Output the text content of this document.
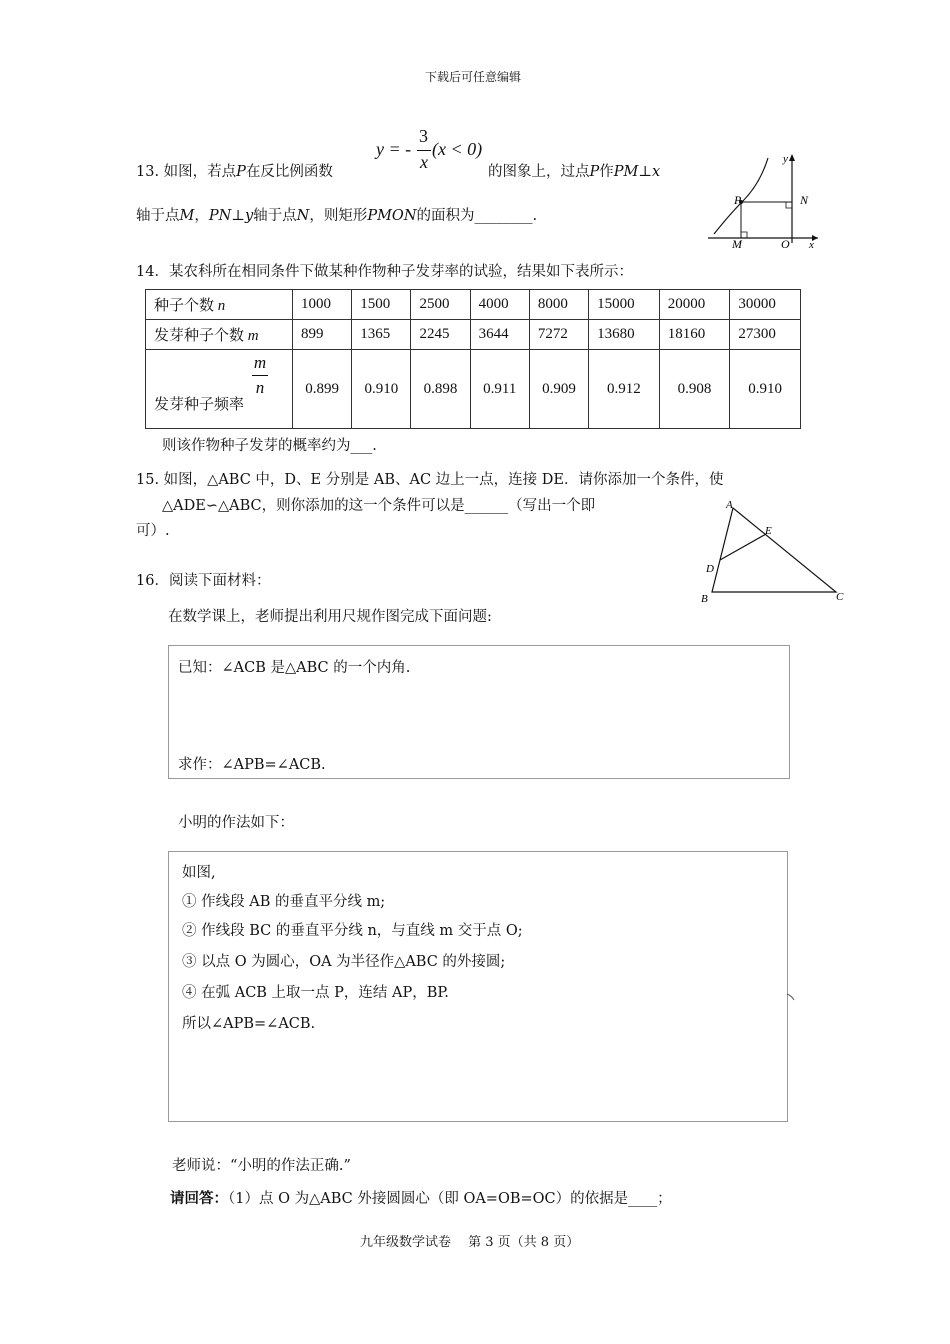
下载后可任意编辑
13. 如图，若点P在反比例函数
y = -
3
x
(x < 0)
的图象上，过点P作PM⊥x
轴于点M，PN⊥y轴于点N，则矩形PMON的面积为________.
y
x
P	N
M	O
14．某农科所在相同条件下做某种作物种子发芽率的试验，结果如下表所示：
种子个数 n	1000	1500	2500	4000	8000	15000	20000	30000
发芽种子个数 m	899	1365	2245	3644	7272	13680	18160	27300

m
n
发芽种子频率	0.899	0.910	0.898	0.911	0.909	0.912	0.908	0.910
则该作物种子发芽的概率约为___.
15. 如图，△ABC 中，D、E 分别是 AB、AC 边上一点，连接 DE．请你添加一个条件，使
△ADE∽△ABC，则你添加的这一个条件可以是______（写出一个即
可）.
A
B	C
D
E
16．阅读下面材料：
在数学课上，老师提出利用尺规作图完成下面问题:
已知：∠ACB 是△ABC 的一个内角.
求作：∠APB=∠ACB.
小明的作法如下：
如图,
① 作线段 AB 的垂直平分线 m;
② 作线段 BC 的垂直平分线 n，与直线 m 交于点 O;
③ 以点 O 为圆心，OA 为半径作△ABC 的外接圆;
④ 在弧 ACB 上取一点 P，连结 AP，BP.
所以∠APB=∠ACB.
老师说：“小明的作法正确.”
请回答：（1）点 O 为△ABC 外接圆圆心（即 OA=OB=OC）的依据是____；
九年级数学试卷　 第 3 页（共 8 页）
